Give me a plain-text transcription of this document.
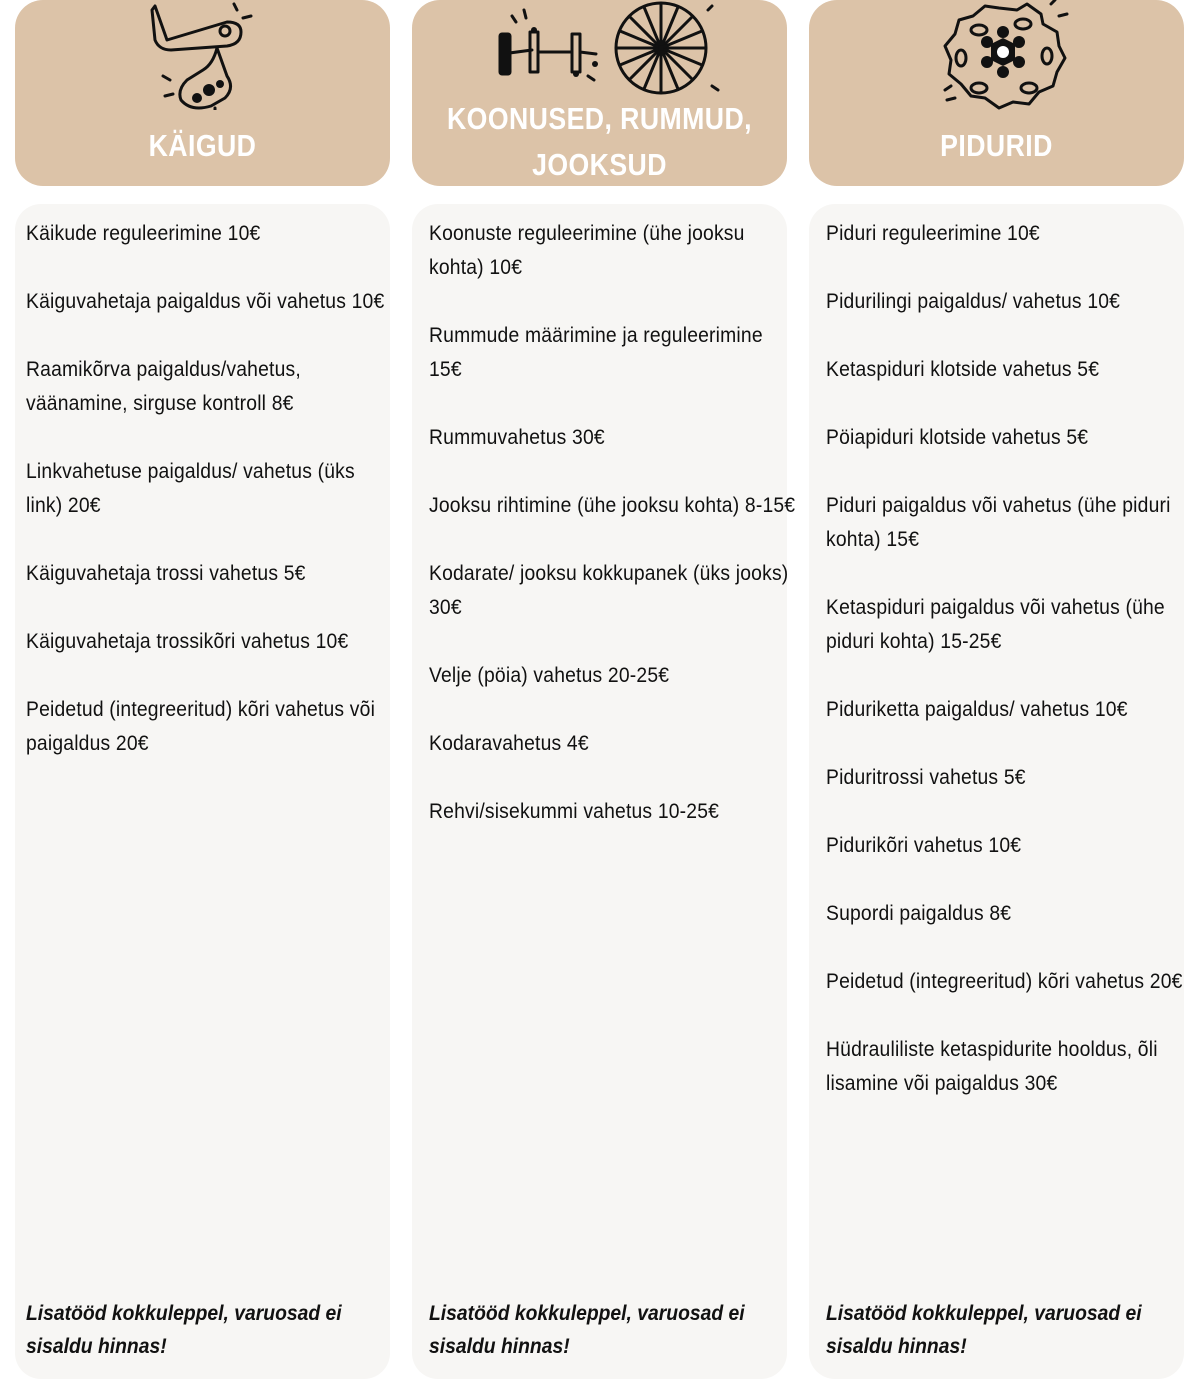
KÄIGUD
Käikude reguleerimine 10€
Käiguvahetaja paigaldus või vahetus 10€
Raamikõrva paigaldus/vahetus, väänamine, sirguse kontroll 8€
Linkvahetuse paigaldus/ vahetus (üks link) 20€
Käiguvahetaja trossi vahetus 5€
Käiguvahetaja trossikõri vahetus 10€
Peidetud (integreeritud) kõri vahetus või paigaldus 20€
Lisatööd kokkuleppel, varuosad ei sisaldu hinnas!
KOONUSED, RUMMUD, JOOKSUD
Koonuste reguleerimine (ühe jooksu kohta) 10€
Rummude määrimine ja reguleerimine 15€
Rummuvahetus 30€
Jooksu rihtimine (ühe jooksu kohta) 8-15€
Kodarate/ jooksu kokkupanek (üks jooks) 30€
Velje (pöia) vahetus 20-25€
Kodaravahetus 4€
Rehvi/sisekummi vahetus 10-25€
Lisatööd kokkuleppel, varuosad ei sisaldu hinnas!
PIDURID
Piduri reguleerimine 10€
Pidurilingi paigaldus/ vahetus 10€
Ketaspiduri klotside vahetus 5€
Pöiapiduri klotside vahetus 5€
Piduri paigaldus või vahetus (ühe piduri kohta) 15€
Ketaspiduri paigaldus või vahetus (ühe piduri kohta) 15-25€
Piduriketta paigaldus/ vahetus 10€
Piduritrossi vahetus 5€
Pidurikõri vahetus 10€
Supordi paigaldus 8€
Peidetud (integreeritud) kõri vahetus 20€
Hüdrauliliste ketaspidurite hooldus, õli lisamine või paigaldus 30€
Lisatööd kokkuleppel, varuosad ei sisaldu hinnas!
